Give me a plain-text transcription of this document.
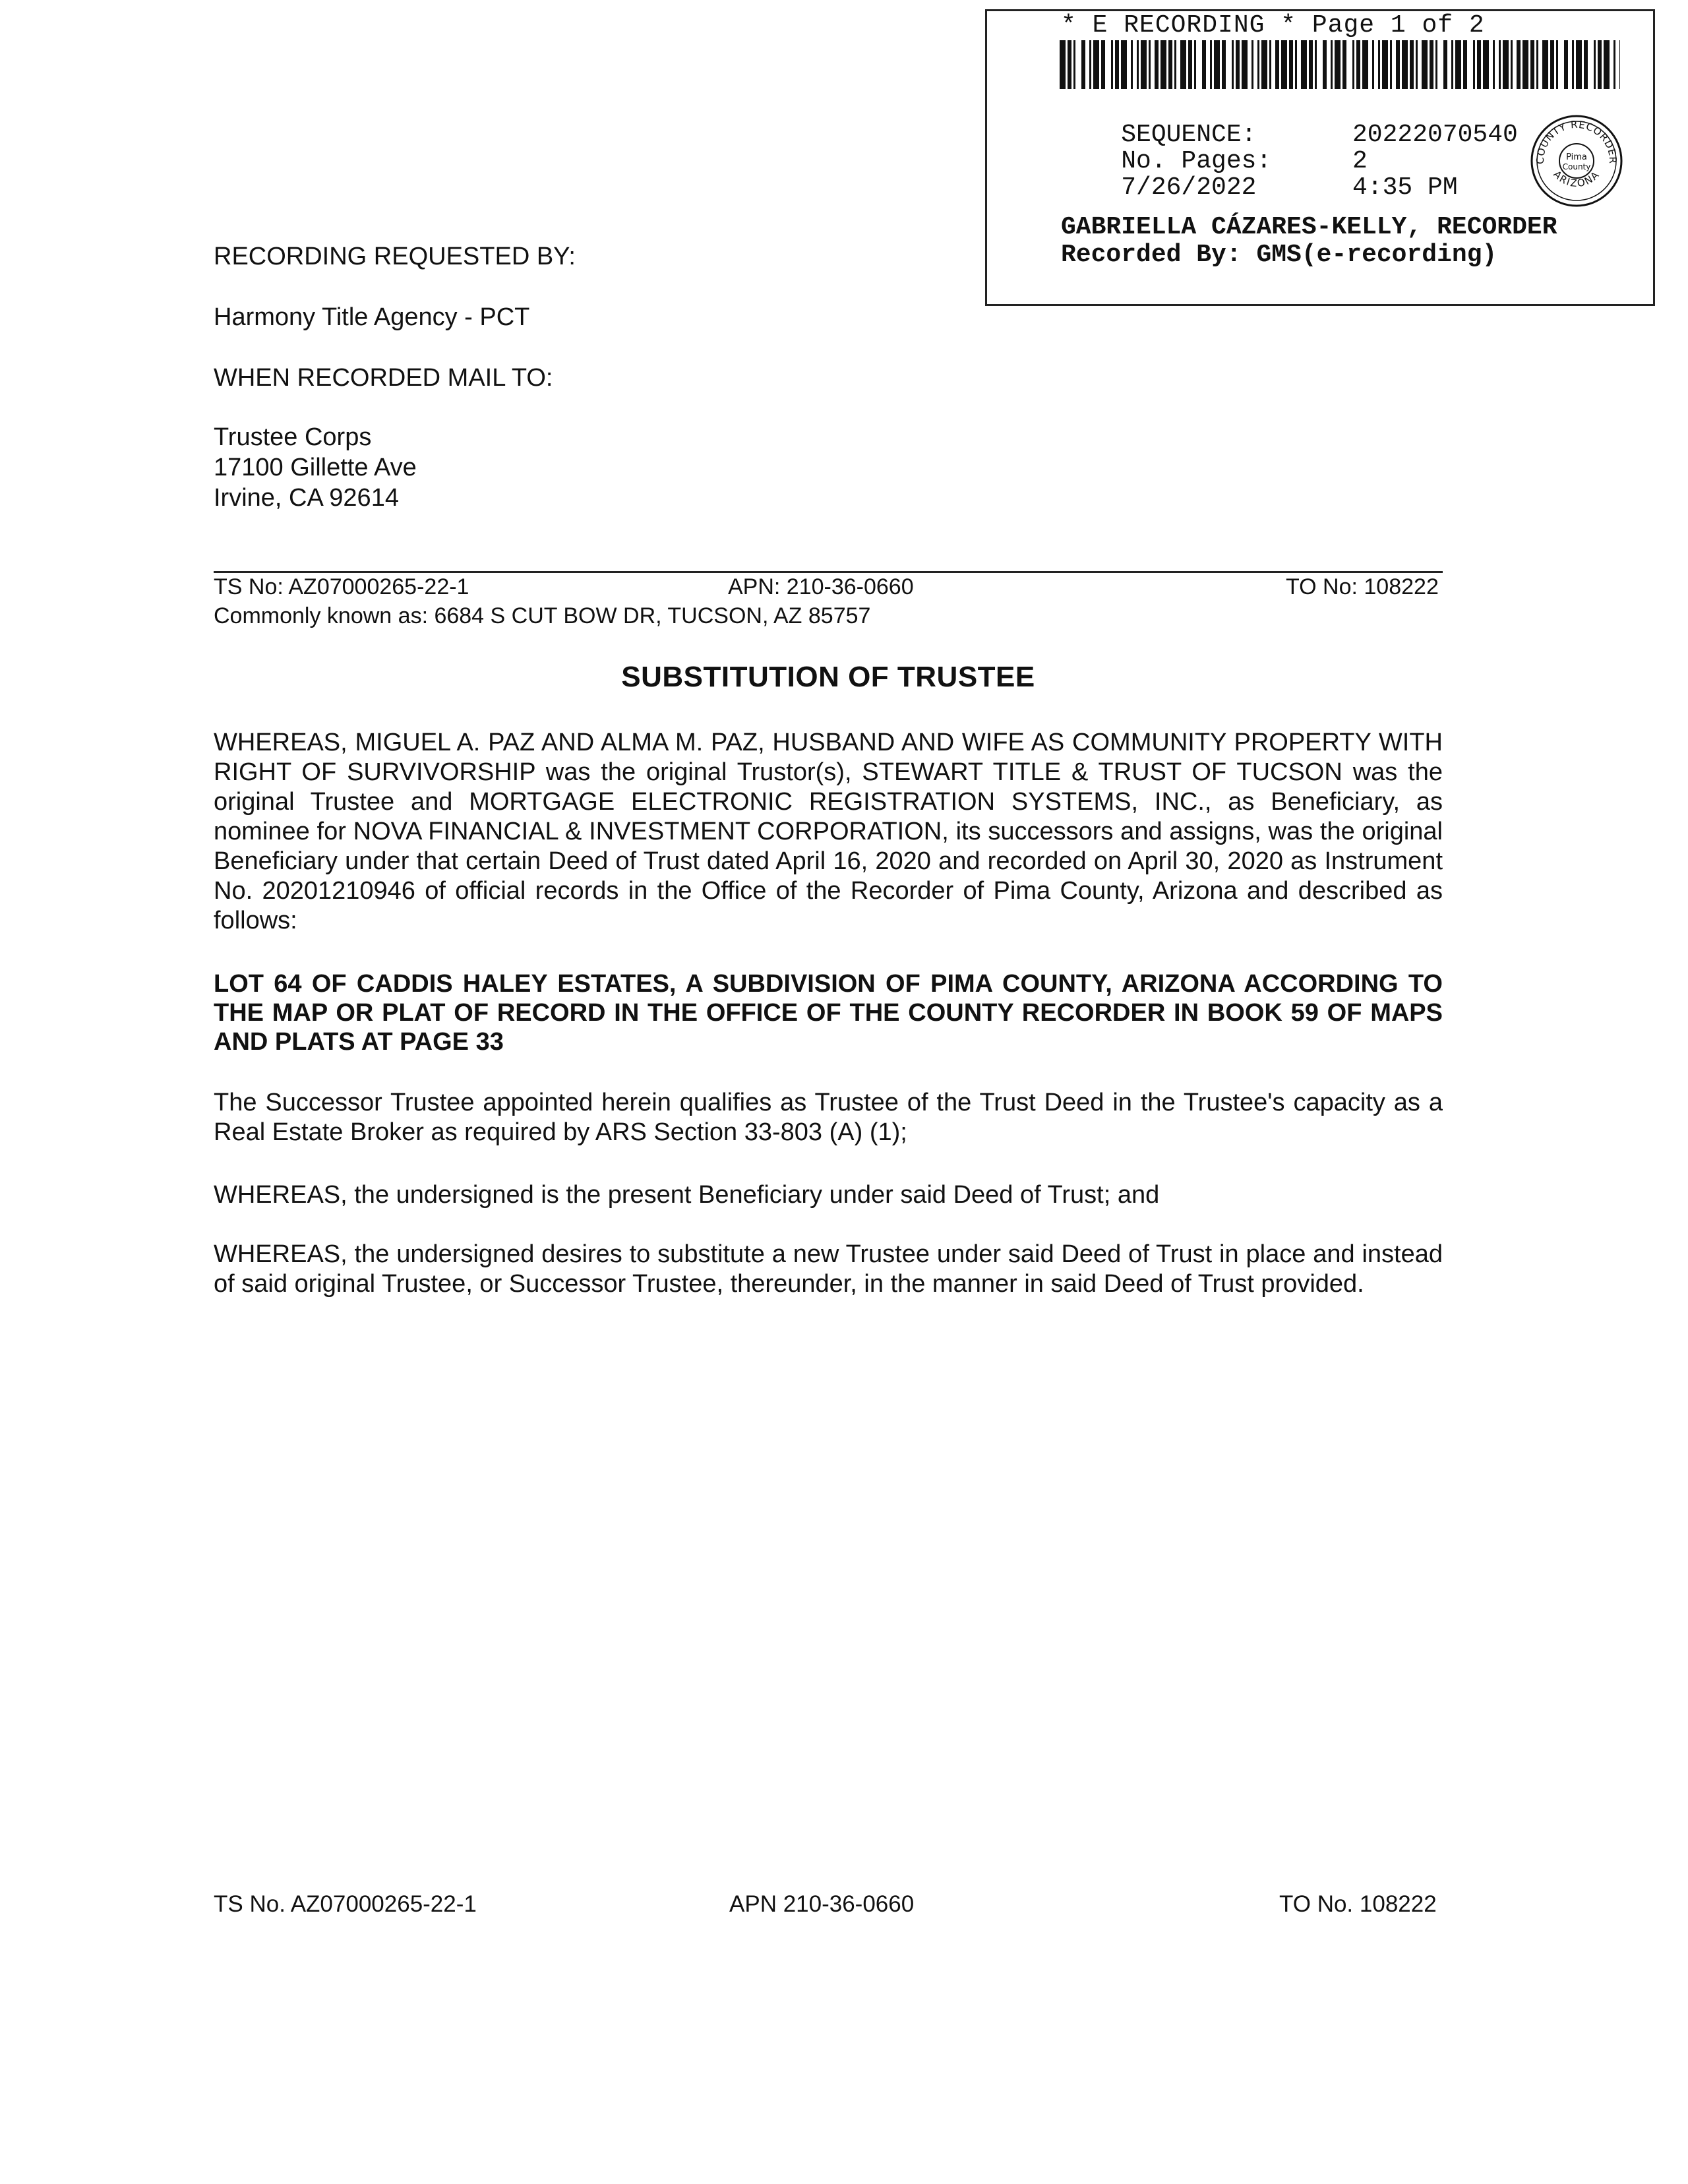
* E RECORDING * Page 1 of 2

SEQUENCE:	20222070540

No. Pages:	2

7/26/2022	4:35 PM

COUNTY RECORDER
ARIZONA
Pima
County
GABRIELLA CÁZARES-KELLY, RECORDER
Recorded By: GMS(e-recording)
RECORDING REQUESTED BY:
Harmony Title Agency - PCT
WHEN RECORDED MAIL TO:
Trustee Corps
17100 Gillette Ave
Irvine, CA 92614
TS No: AZ07000265-22-1	APN: 210-36-0660	TO No: 108222
Commonly known as: 6684 S CUT BOW DR, TUCSON, AZ 85757
SUBSTITUTION OF TRUSTEE
WHEREAS, MIGUEL A. PAZ AND ALMA M. PAZ, HUSBAND AND WIFE AS COMMUNITY PROPERTY WITH RIGHT OF SURVIVORSHIP was the original Trustor(s), STEWART TITLE & TRUST OF TUCSON was the original Trustee and MORTGAGE ELECTRONIC REGISTRATION SYSTEMS, INC., as Beneficiary, as nominee for NOVA FINANCIAL & INVESTMENT CORPORATION, its successors and assigns, was the original Beneficiary under that certain Deed of Trust dated April 16, 2020 and recorded on April 30, 2020 as Instrument No. 20201210946 of official records in the Office of the Recorder of Pima County, Arizona and described as follows:
LOT 64 OF CADDIS HALEY ESTATES, A SUBDIVISION OF PIMA COUNTY, ARIZONA ACCORDING TO THE MAP OR PLAT OF RECORD IN THE OFFICE OF THE COUNTY RECORDER IN BOOK 59 OF MAPS AND PLATS AT PAGE 33
The Successor Trustee appointed herein qualifies as Trustee of the Trust Deed in the Trustee's capacity as a Real Estate Broker as required by ARS Section 33-803 (A) (1);
WHEREAS, the undersigned is the present Beneficiary under said Deed of Trust; and
WHEREAS, the undersigned desires to substitute a new Trustee under said Deed of Trust in place and instead of said original Trustee, or Successor Trustee, thereunder, in the manner in said Deed of Trust provided.
TS No. AZ07000265-22-1	APN 210-36-0660	TO No. 108222
